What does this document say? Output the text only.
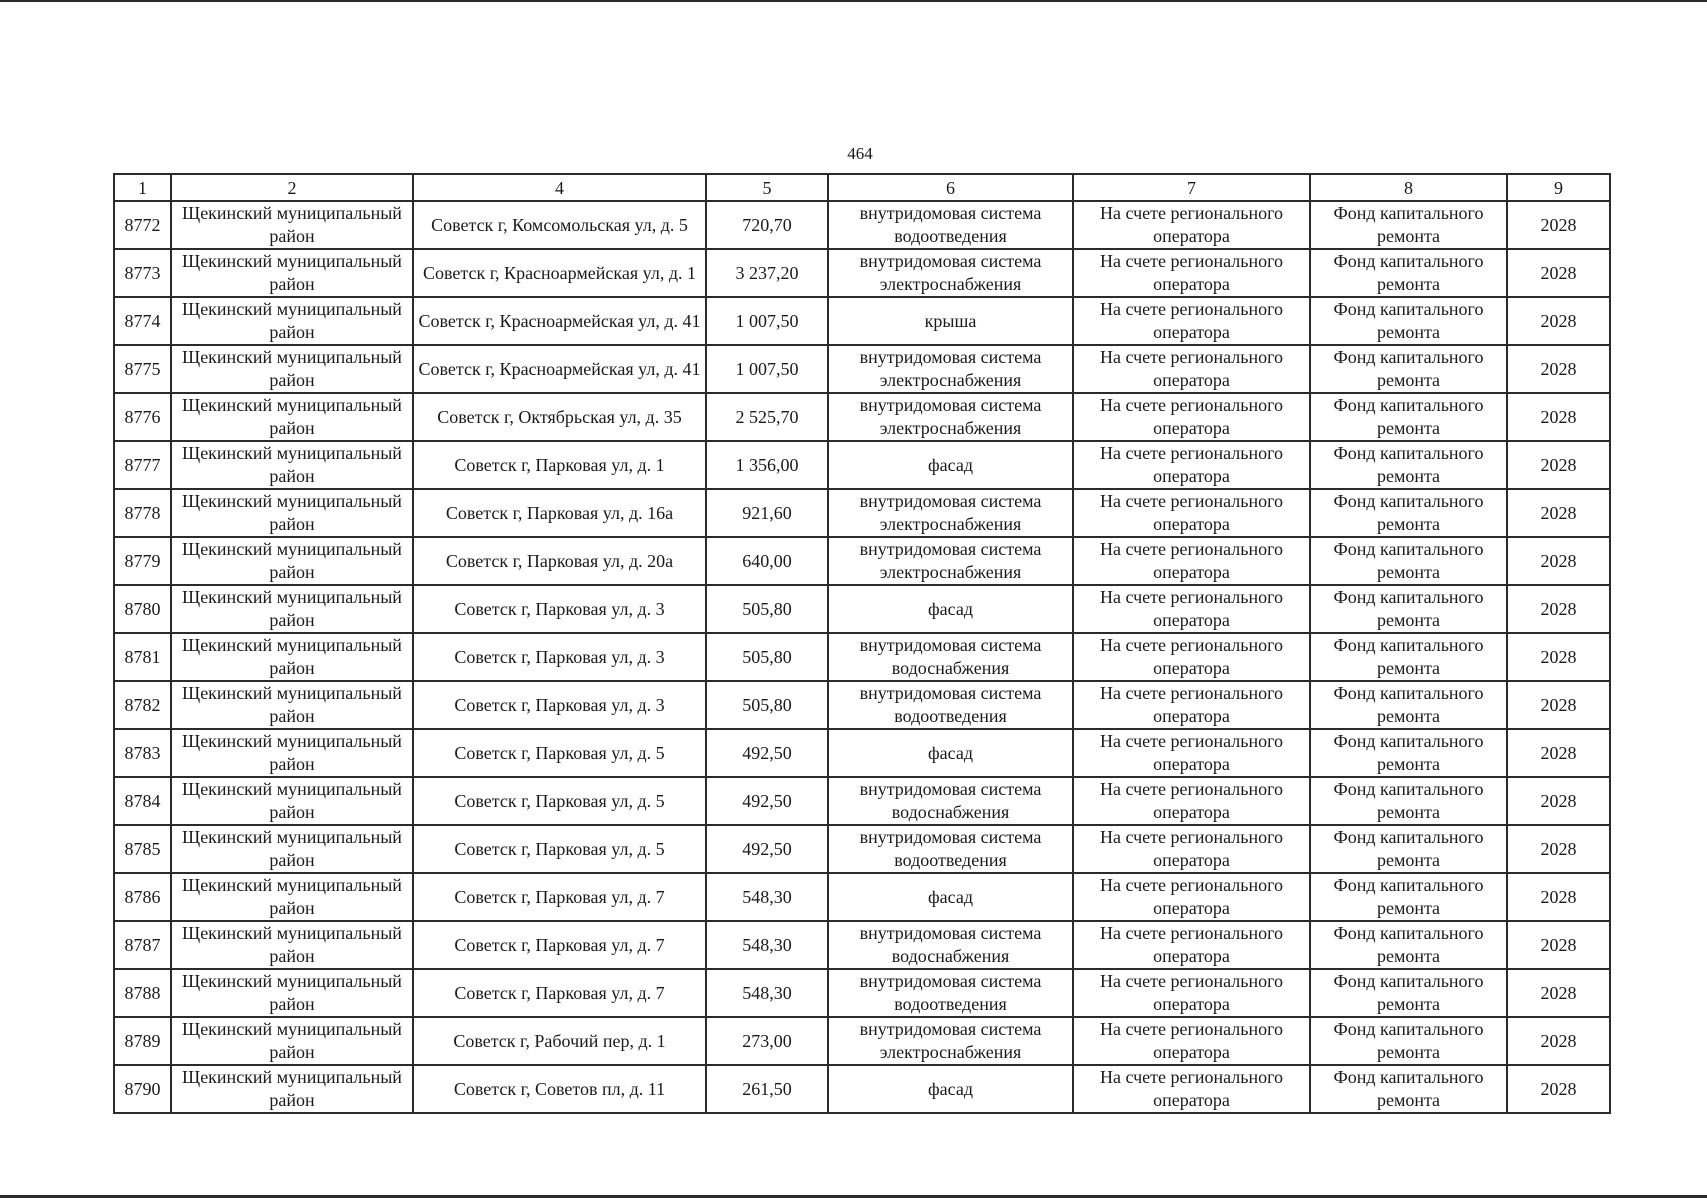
464
1	2	4	5	6	7	8	9
8772	Щекинский муниципальный район	Советск г, Комсомольская ул, д. 5	720,70	внутридомовая система водоотведения	На счете регионального оператора	Фонд капитального ремонта	2028
8773	Щекинский муниципальный район	Советск г, Красноармейская ул, д. 1	3 237,20	внутридомовая система электроснабжения	На счете регионального оператора	Фонд капитального ремонта	2028
8774	Щекинский муниципальный район	Советск г, Красноармейская ул, д. 41	1 007,50	крыша	На счете регионального оператора	Фонд капитального ремонта	2028
8775	Щекинский муниципальный район	Советск г, Красноармейская ул, д. 41	1 007,50	внутридомовая система электроснабжения	На счете регионального оператора	Фонд капитального ремонта	2028
8776	Щекинский муниципальный район	Советск г, Октябрьская ул, д. 35	2 525,70	внутридомовая система электроснабжения	На счете регионального оператора	Фонд капитального ремонта	2028
8777	Щекинский муниципальный район	Советск г, Парковая ул, д. 1	1 356,00	фасад	На счете регионального оператора	Фонд капитального ремонта	2028
8778	Щекинский муниципальный район	Советск г, Парковая ул, д. 16а	921,60	внутридомовая система электроснабжения	На счете регионального оператора	Фонд капитального ремонта	2028
8779	Щекинский муниципальный район	Советск г, Парковая ул, д. 20а	640,00	внутридомовая система электроснабжения	На счете регионального оператора	Фонд капитального ремонта	2028
8780	Щекинский муниципальный район	Советск г, Парковая ул, д. 3	505,80	фасад	На счете регионального оператора	Фонд капитального ремонта	2028
8781	Щекинский муниципальный район	Советск г, Парковая ул, д. 3	505,80	внутридомовая система водоснабжения	На счете регионального оператора	Фонд капитального ремонта	2028
8782	Щекинский муниципальный район	Советск г, Парковая ул, д. 3	505,80	внутридомовая система водоотведения	На счете регионального оператора	Фонд капитального ремонта	2028
8783	Щекинский муниципальный район	Советск г, Парковая ул, д. 5	492,50	фасад	На счете регионального оператора	Фонд капитального ремонта	2028
8784	Щекинский муниципальный район	Советск г, Парковая ул, д. 5	492,50	внутридомовая система водоснабжения	На счете регионального оператора	Фонд капитального ремонта	2028
8785	Щекинский муниципальный район	Советск г, Парковая ул, д. 5	492,50	внутридомовая система водоотведения	На счете регионального оператора	Фонд капитального ремонта	2028
8786	Щекинский муниципальный район	Советск г, Парковая ул, д. 7	548,30	фасад	На счете регионального оператора	Фонд капитального ремонта	2028
8787	Щекинский муниципальный район	Советск г, Парковая ул, д. 7	548,30	внутридомовая система водоснабжения	На счете регионального оператора	Фонд капитального ремонта	2028
8788	Щекинский муниципальный район	Советск г, Парковая ул, д. 7	548,30	внутридомовая система водоотведения	На счете регионального оператора	Фонд капитального ремонта	2028
8789	Щекинский муниципальный район	Советск г, Рабочий пер, д. 1	273,00	внутридомовая система электроснабжения	На счете регионального оператора	Фонд капитального ремонта	2028
8790	Щекинский муниципальный район	Советск г, Советов пл, д. 11	261,50	фасад	На счете регионального оператора	Фонд капитального ремонта	2028
